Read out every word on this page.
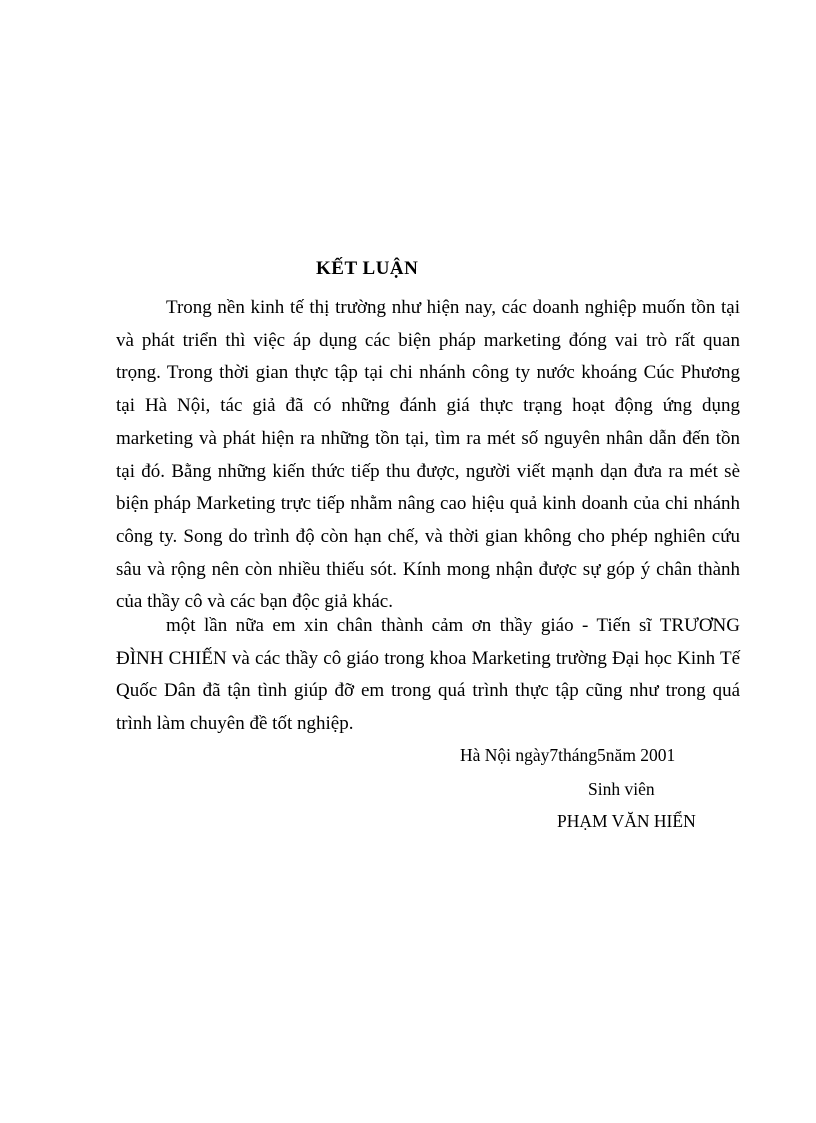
KẾT LUẬN

Trong nền kinh tế thị trường như hiện nay, các doanh nghiệp muốn tồn tại và phát triển thì việc áp dụng các biện pháp marketing đóng vai trò rất quan trọng. Trong thời gian thực tập tại chi nhánh công ty nước khoáng Cúc Phương tại Hà Nội, tác giả đã có những đánh giá thực trạng hoạt động ứng dụng marketing và phát hiện ra những tồn tại, tìm ra mét số nguyên nhân dẫn đến tồn tại đó. Bằng những kiến thức tiếp thu được, người viết mạnh dạn đưa ra mét sè biện pháp Marketing trực tiếp nhằm nâng cao hiệu quả kinh doanh của chi nhánh công ty. Song do trình độ còn hạn chế, và thời gian không cho phép nghiên cứu sâu và rộng nên còn nhiều thiếu sót. Kính mong nhận được sự góp ý chân thành của thầy cô và các bạn độc giả khác.

một lần nữa em xin chân thành cảm ơn thầy giáo - Tiến sĩ TRƯƠNG ĐÌNH CHIẾN và các thầy cô giáo trong khoa Marketing trường Đại học Kinh Tế Quốc Dân đã tận tình giúp đỡ em trong quá trình thực tập cũng như trong quá trình làm chuyên đề tốt nghiệp.

Hà Nội ngày7tháng5năm 2001

Sinh viên

PHẠM VĂN HIỂN
